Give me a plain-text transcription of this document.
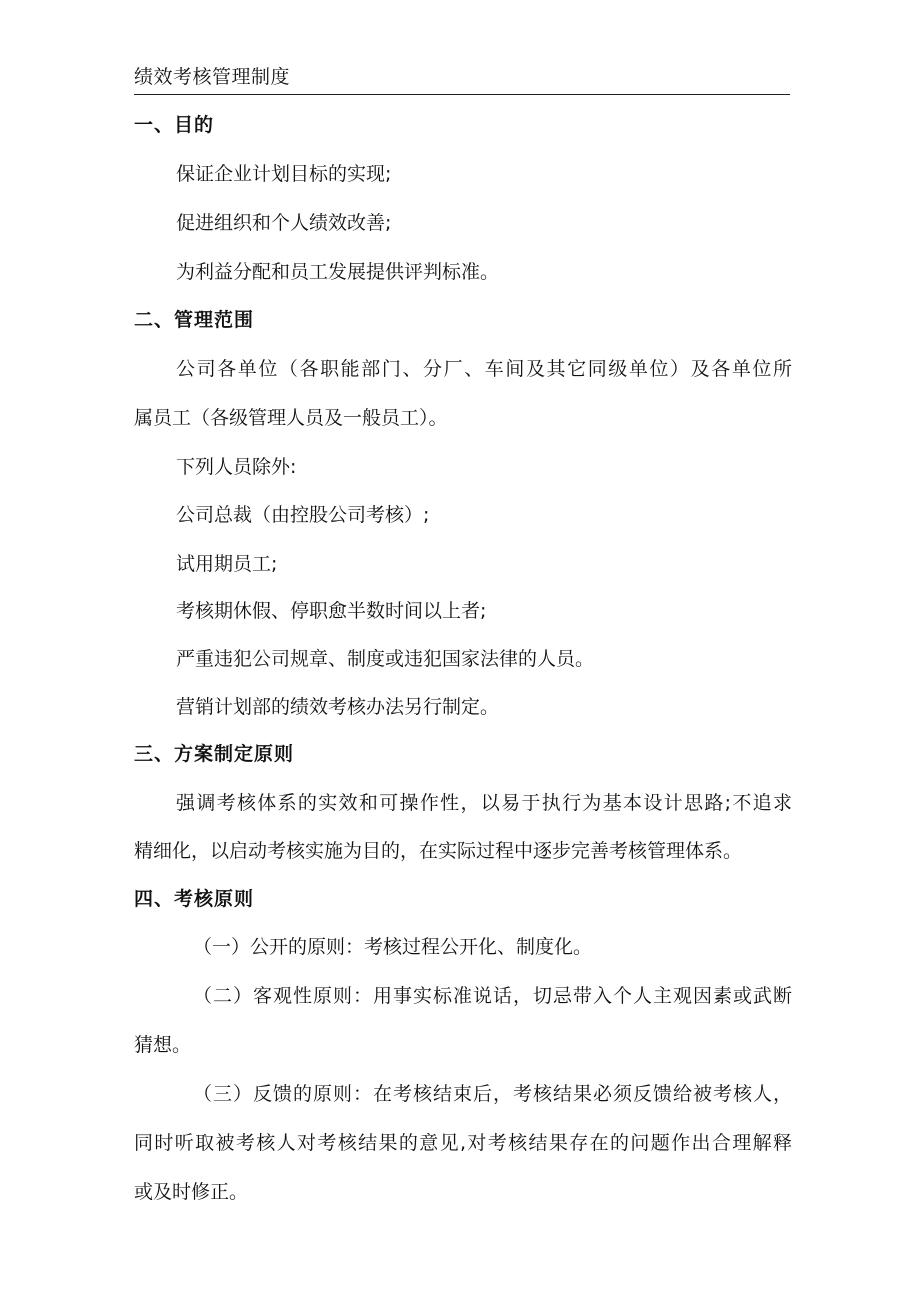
绩效考核管理制度
一、目的
保证企业计划目标的实现;
促进组织和个人绩效改善;
为利益分配和员工发展提供评判标准。
二、管理范围
公司各单位（各职能部门、分厂、车间及其它同级单位）及各单位所
属员工（各级管理人员及一般员工）。
下列人员除外:
公司总裁（由控股公司考核）;
试用期员工;
考核期休假、停职愈半数时间以上者;
严重违犯公司规章、制度或违犯国家法律的人员。
营销计划部的绩效考核办法另行制定。
三、方案制定原则
强调考核体系的实效和可操作性，以易于执行为基本设计思路;不追求
精细化，以启动考核实施为目的，在实际过程中逐步完善考核管理体系。
四、考核原则
（一）公开的原则：考核过程公开化、制度化。
（二）客观性原则：用事实标准说话，切忌带入个人主观因素或武断
猜想。
（三）反馈的原则：在考核结束后，考核结果必须反馈给被考核人，
同时听取被考核人对考核结果的意见,对考核结果存在的问题作出合理解释
或及时修正。
